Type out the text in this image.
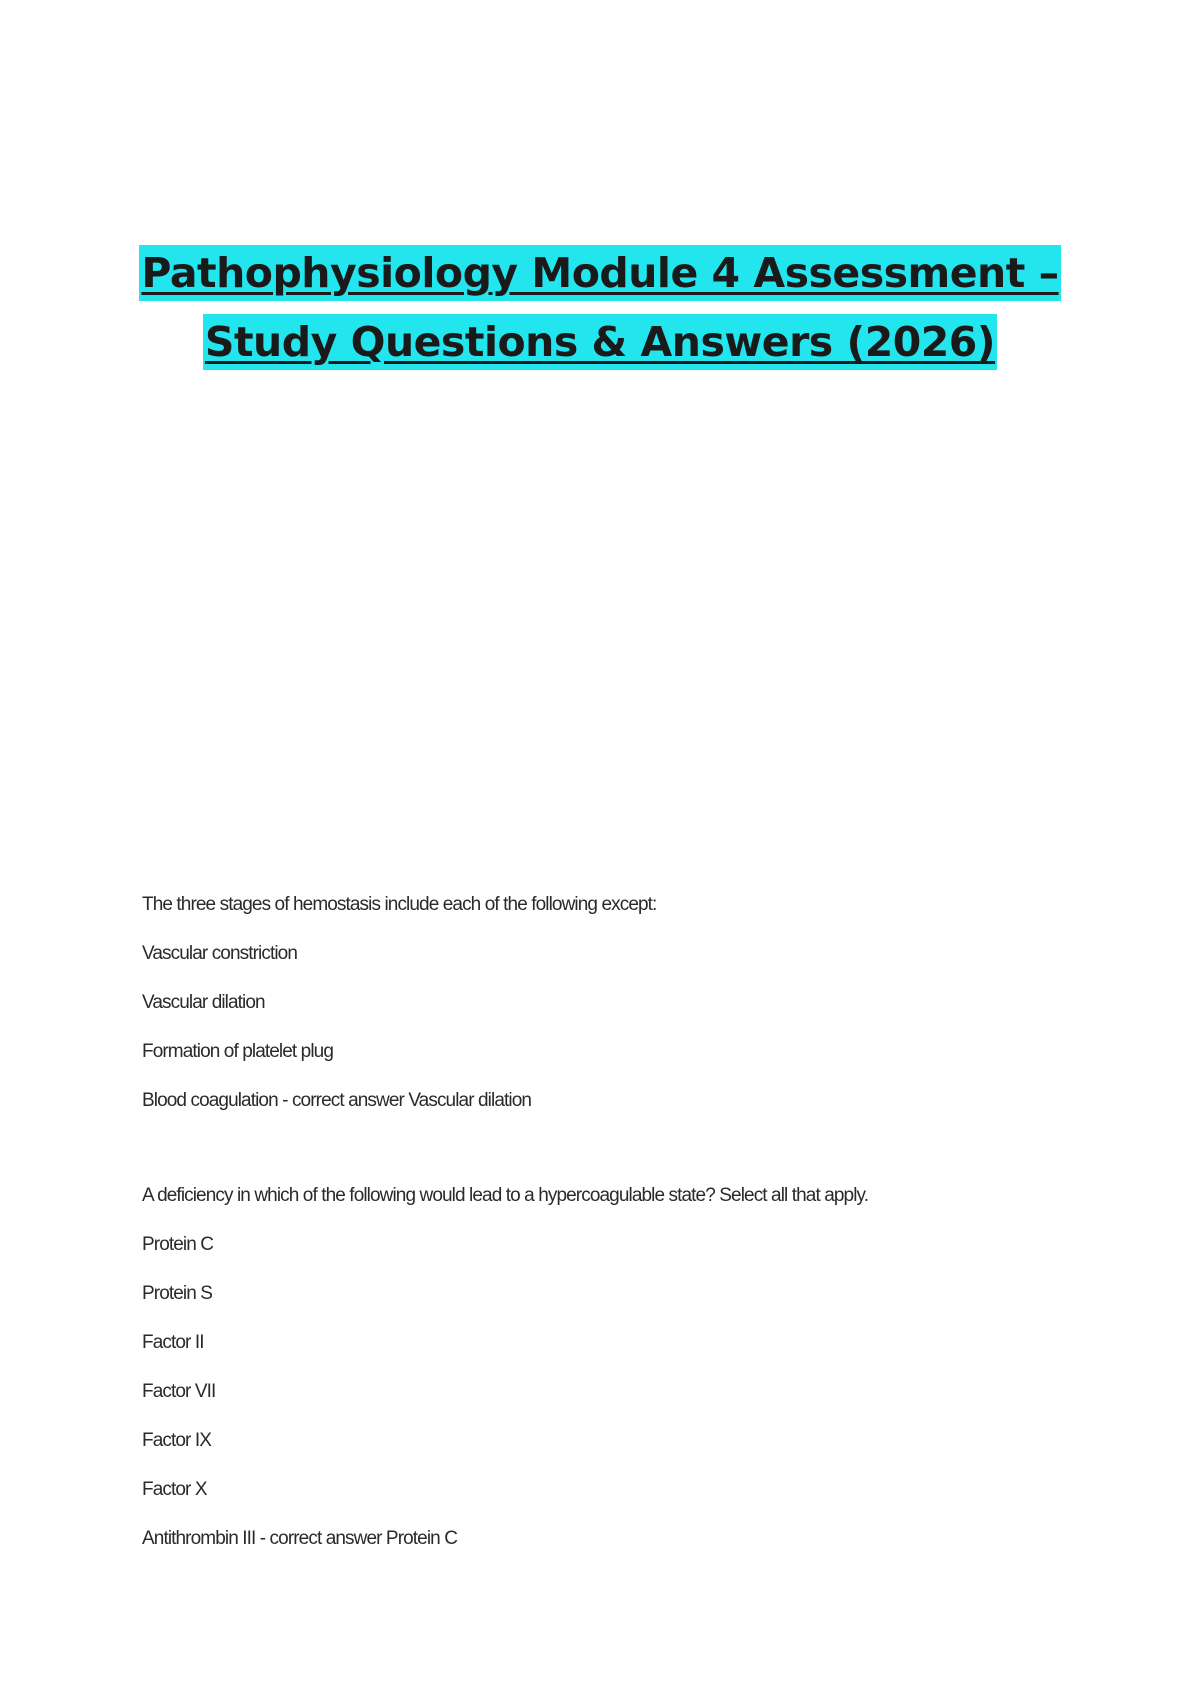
Pathophysiology Module 4 Assessment –
Study Questions & Answers (2026)
The three stages of hemostasis include each of the following except:
Vascular constriction
Vascular dilation
Formation of platelet plug
Blood coagulation - correct answer Vascular dilation
A deficiency in which of the following would lead to a hypercoagulable state? Select all that apply.
Protein C
Protein S
Factor II
Factor VII
Factor IX
Factor X
Antithrombin III - correct answer Protein C
